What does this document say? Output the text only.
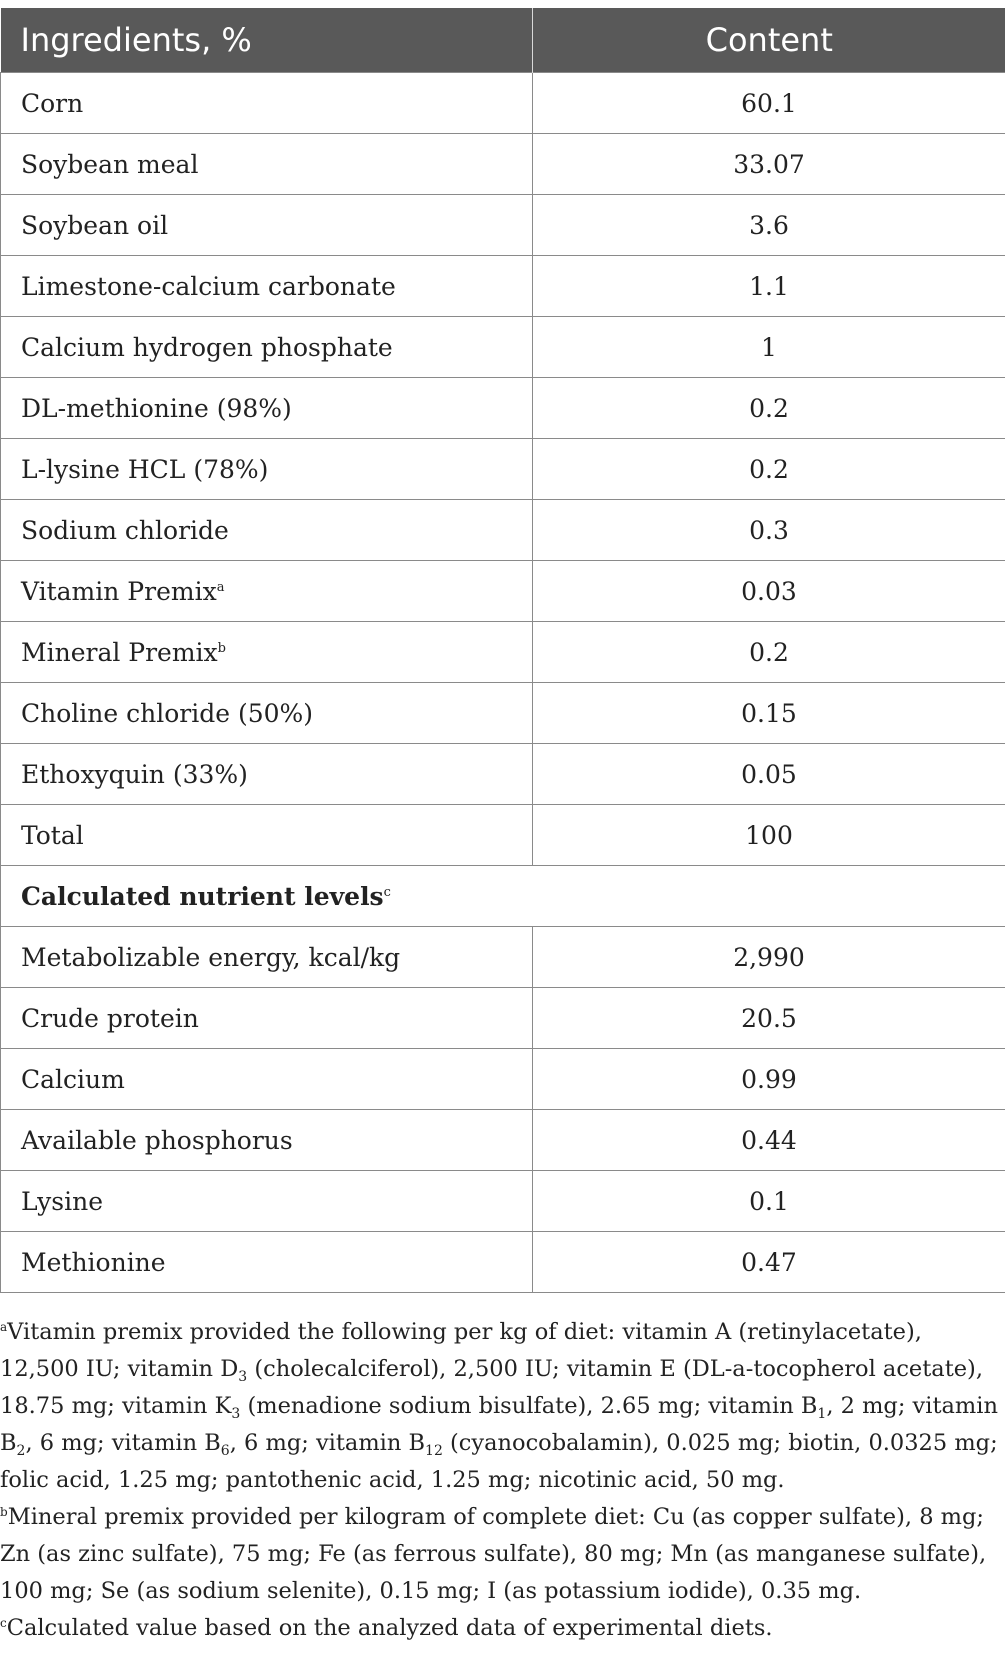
Ingredients, %	Content
Corn	60.1
Soybean meal	33.07
Soybean oil	3.6
Limestone-calcium carbonate	1.1
Calcium hydrogen phosphate	1
DL-methionine (98%)	0.2
L-lysine HCL (78%)	0.2
Sodium chloride	0.3
Vitamin Premix$^a$	0.03
Mineral Premix$^b$	0.2
Choline chloride (50%)	0.15
Ethoxyquin (33%)	0.05
Total	100
Calculated nutrient levels$^c$
Metabolizable energy, kcal/kg	2,990
Crude protein	20.5
Calcium	0.99
Available phosphorus	0.44
Lysine	0.1
Methionine	0.47

$^a$Vitamin premix provided the following per kg of diet: vitamin A (retinylacetate), 12,500 IU; vitamin $D_3$ (cholecalciferol), 2,500 IU; vitamin E (DL-a-tocopherol acetate), 18.75 mg; vitamin $K_3$ (menadione sodium bisulfate), 2.65 mg; vitamin $B_1$, 2 mg; vitamin $B_2$, 6 mg; vitamin $B_6$, 6 mg; vitamin $B_{12}$ (cyanocobalamin), 0.025 mg; biotin, 0.0325 mg; folic acid, 1.25 mg; pantothenic acid, 1.25 mg; nicotinic acid, 50 mg.

$^b$Mineral premix provided per kilogram of complete diet: Cu (as copper sulfate), 8 mg; Zn (as zinc sulfate), 75 mg; Fe (as ferrous sulfate), 80 mg; Mn (as manganese sulfate), 100 mg; Se (as sodium selenite), 0.15 mg; I (as potassium iodide), 0.35 mg.

$^c$Calculated value based on the analyzed data of experimental diets.
